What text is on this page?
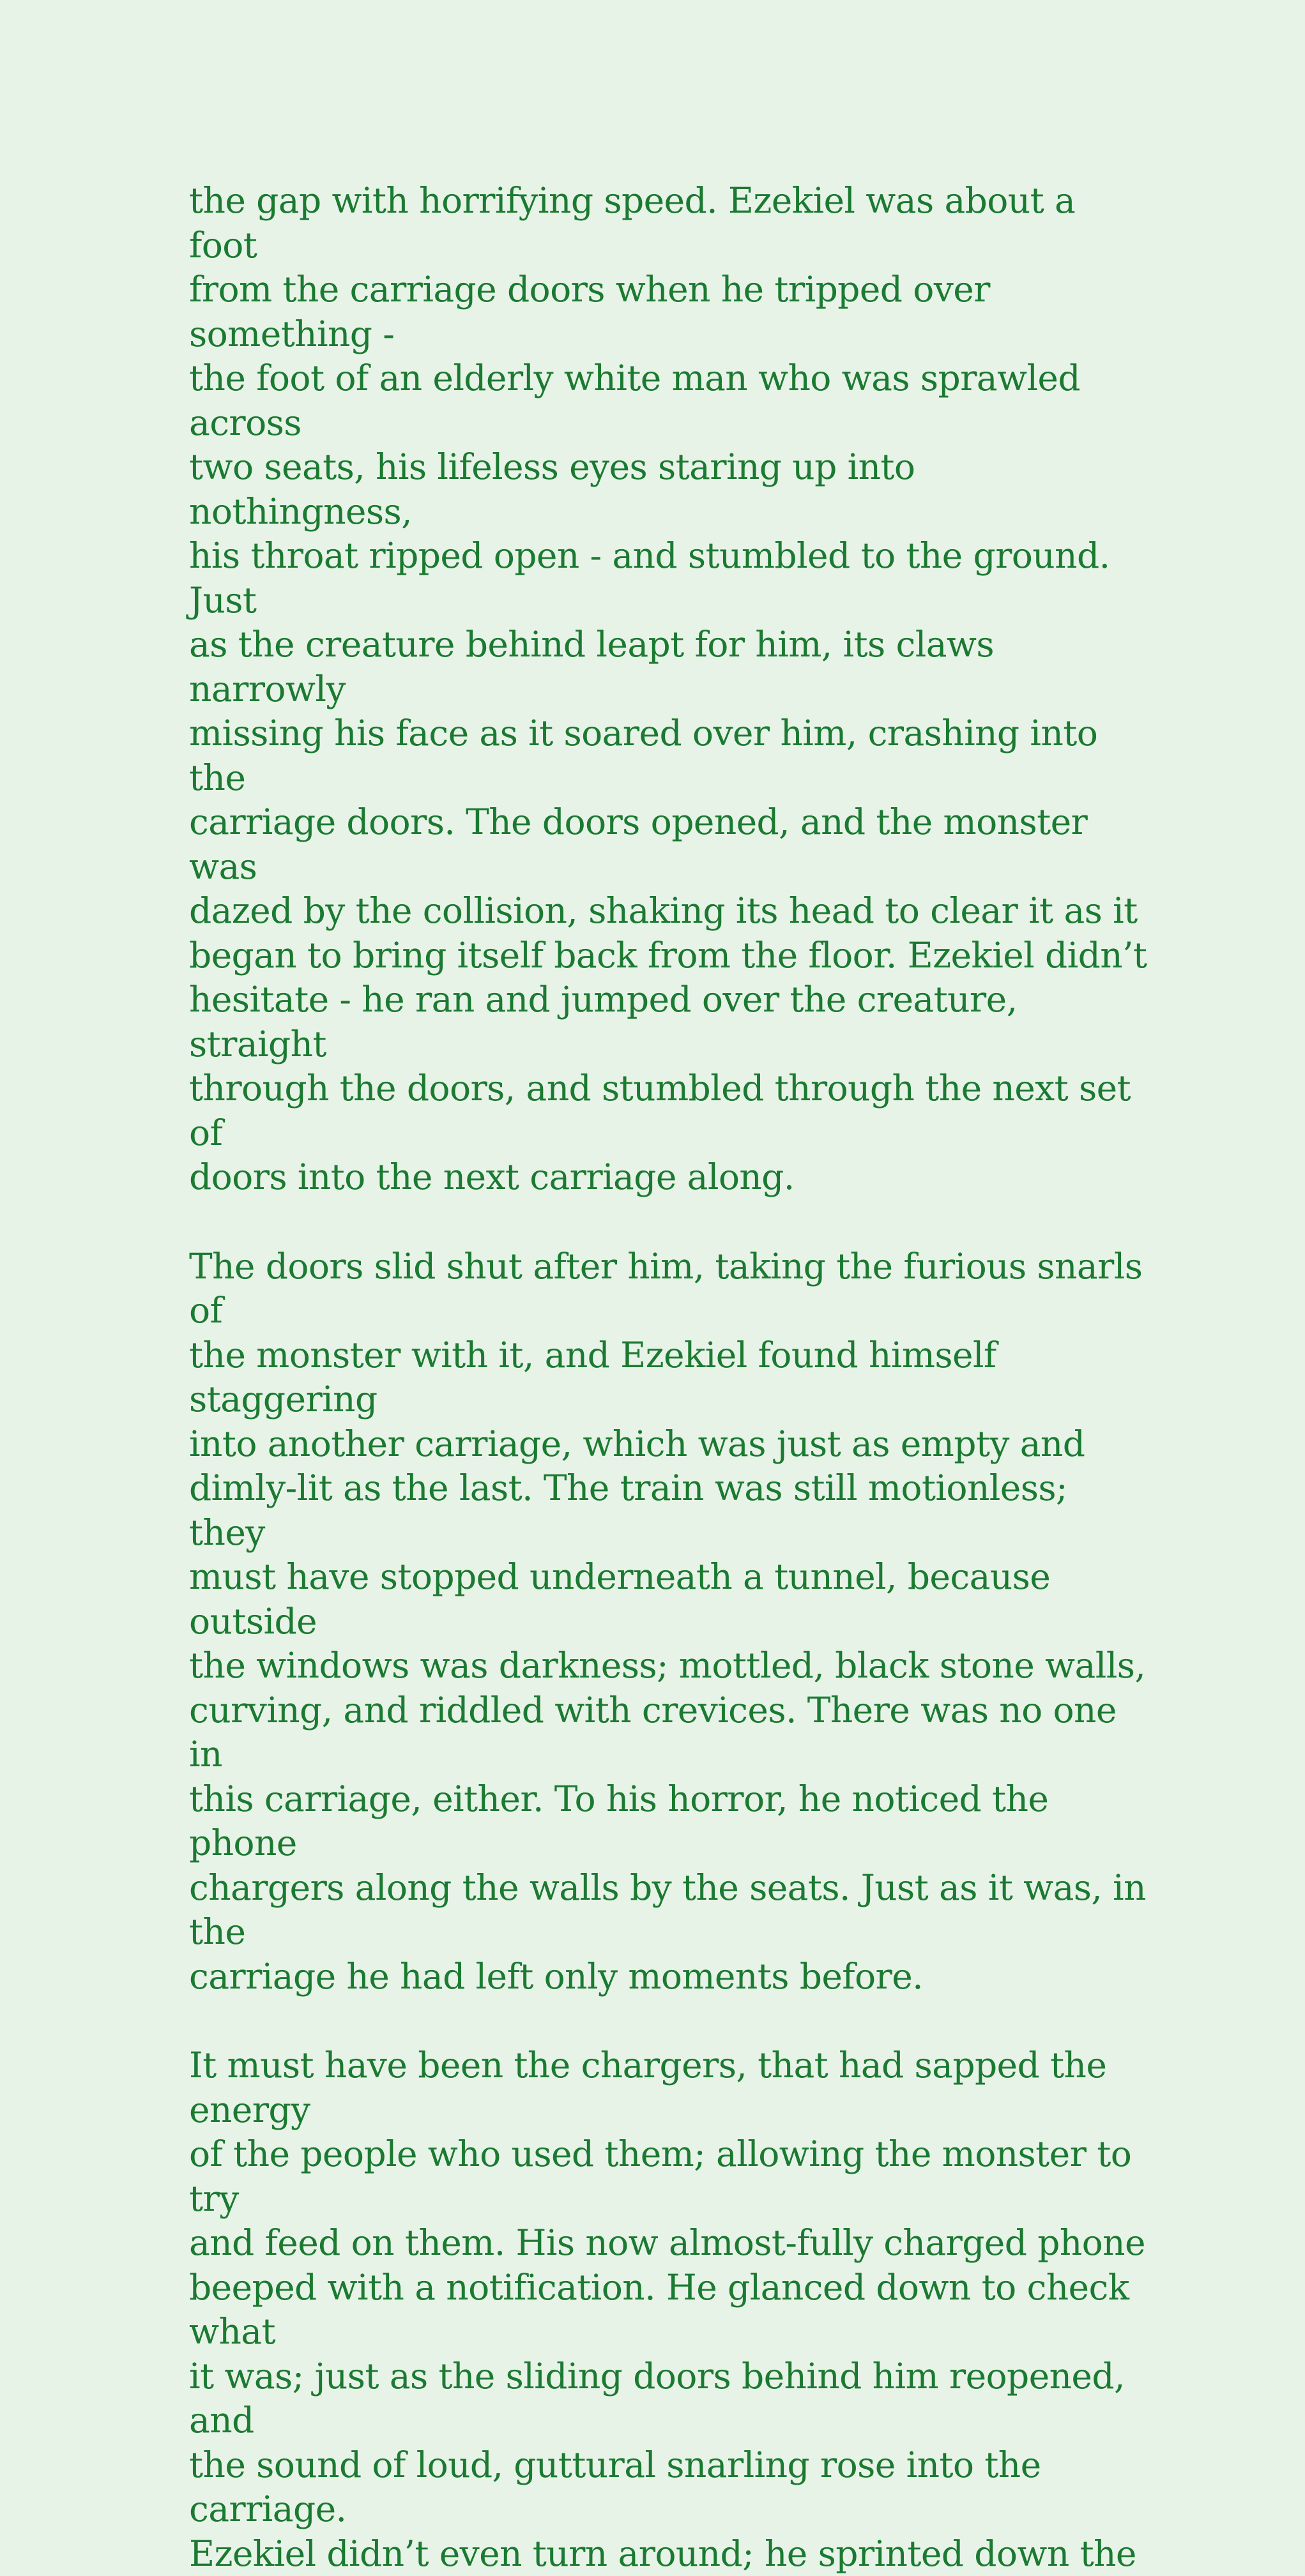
the gap with horrifying speed. Ezekiel was about a foot
from the carriage doors when he tripped over something -
the foot of an elderly white man who was sprawled across
two seats, his lifeless eyes staring up into nothingness,
his throat ripped open - and stumbled to the ground. Just
as the creature behind leapt for him, its claws narrowly
missing his face as it soared over him, crashing into the
carriage doors. The doors opened, and the monster was
dazed by the collision, shaking its head to clear it as it
began to bring itself back from the floor. Ezekiel didn’t
hesitate - he ran and jumped over the creature, straight
through the doors, and stumbled through the next set of
doors into the next carriage along.

The doors slid shut after him, taking the furious snarls of
the monster with it, and Ezekiel found himself staggering
into another carriage, which was just as empty and
dimly-lit as the last. The train was still motionless; they
must have stopped underneath a tunnel, because outside
the windows was darkness; mottled, black stone walls,
curving, and riddled with crevices. There was no one in
this carriage, either. To his horror, he noticed the phone
chargers along the walls by the seats. Just as it was, in the
carriage he had left only moments before.

It must have been the chargers, that had sapped the energy
of the people who used them; allowing the monster to try
and feed on them. His now almost-fully charged phone
beeped with a notification. He glanced down to check what
it was; just as the sliding doors behind him reopened, and
the sound of loud, guttural snarling rose into the carriage.
Ezekiel didn’t even turn around; he sprinted down the
